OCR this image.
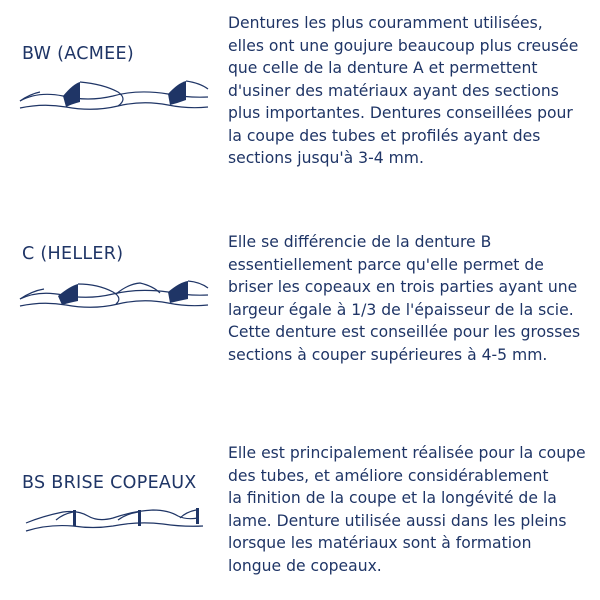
BW (ACMEE)
Dentures les plus couramment utilisées,
elles ont une goujure beaucoup plus creusée
que celle de la denture A et permettent
d'usiner des matériaux ayant des sections
plus importantes. Dentures conseillées pour
la coupe des tubes et profilés ayant des
sections jusqu'à 3-4 mm.
C (HELLER)
Elle se différencie de la denture B
essentiellement parce qu'elle permet de
briser les copeaux en trois parties ayant une
largeur égale à 1/3 de l'épaisseur de la scie.
Cette denture est conseillée pour les grosses
sections à couper supérieures à 4-5 mm.
BS BRISE COPEAUX
Elle est principalement réalisée pour la coupe
des tubes, et améliore considérablement
la finition de la coupe et la longévité de la
lame. Denture utilisée aussi dans les pleins
lorsque les matériaux sont à formation
longue de copeaux.
